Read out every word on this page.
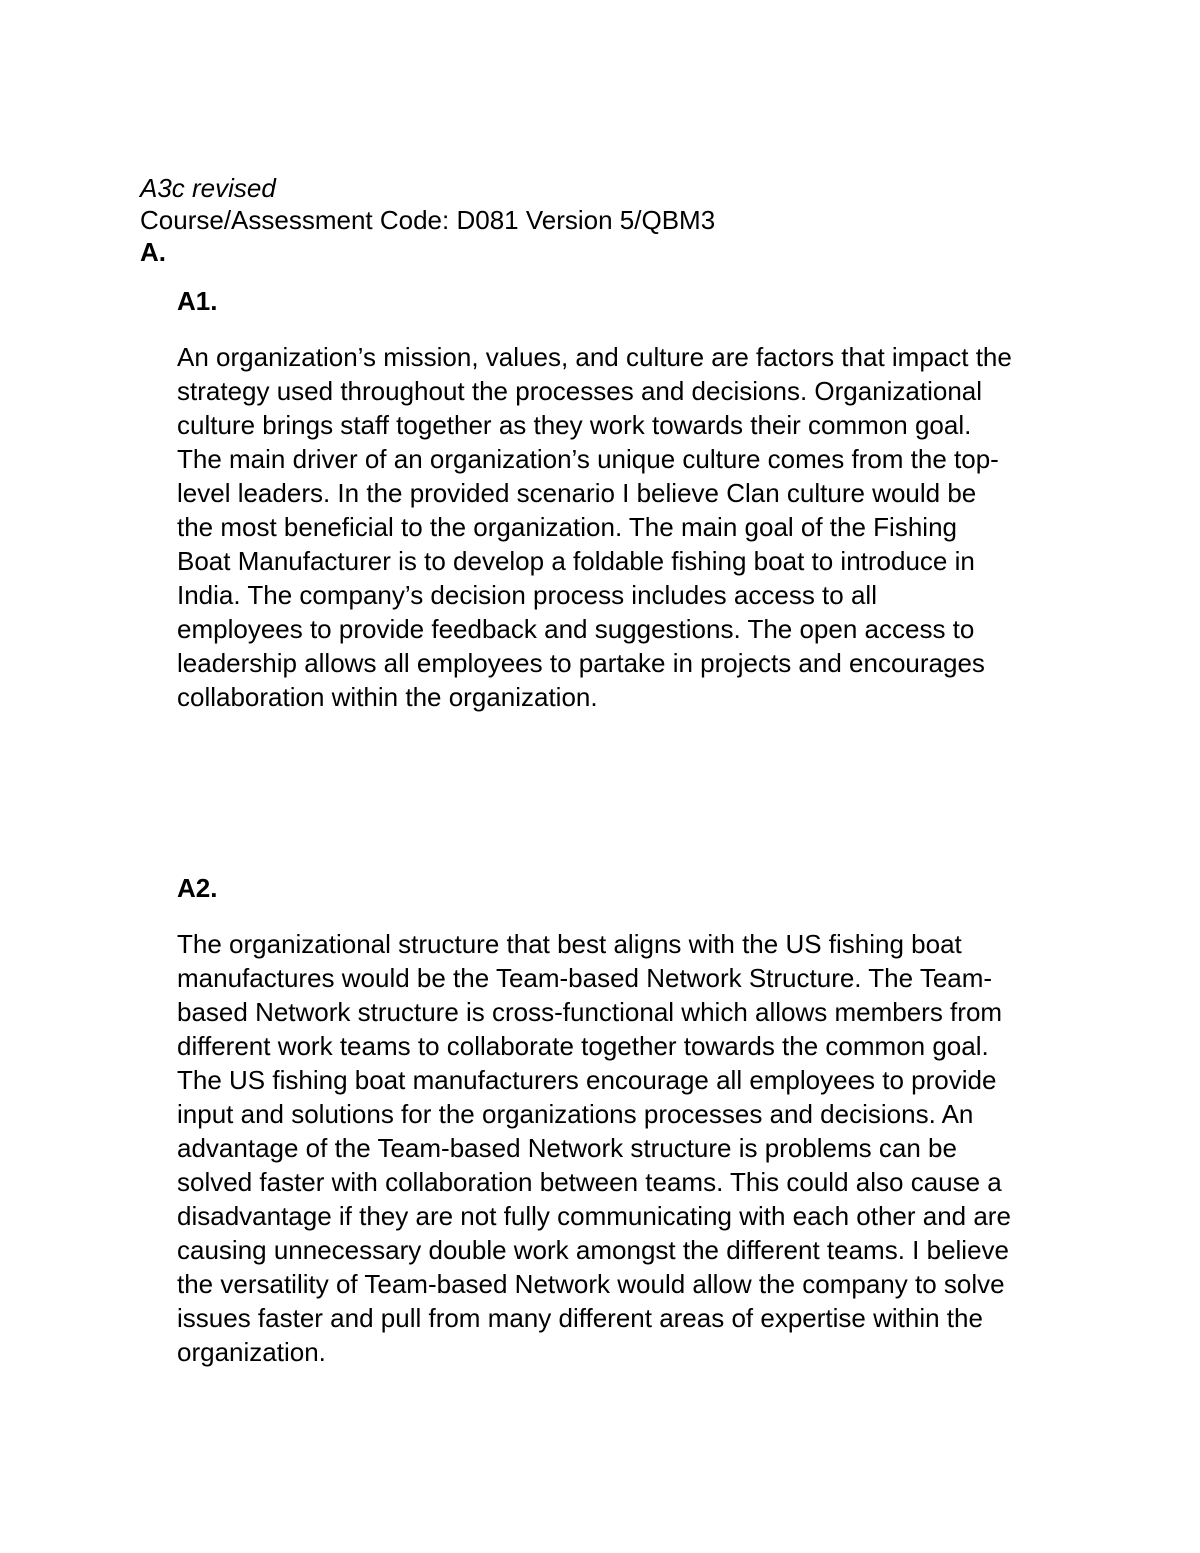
A3c revised
Course/Assessment Code: D081 Version 5/QBM3
A.
A1.
An organization’s mission, values, and culture are factors that impact the
strategy used throughout the processes and decisions. Organizational
culture brings staff together as they work towards their common goal.
The main driver of an organization’s unique culture comes from the top-
level leaders. In the provided scenario I believe Clan culture would be
the most beneficial to the organization. The main goal of the Fishing
Boat Manufacturer is to develop a foldable fishing boat to introduce in
India. The company’s decision process includes access to all
employees to provide feedback and suggestions. The open access to
leadership allows all employees to partake in projects and encourages
collaboration within the organization.
A2.
The organizational structure that best aligns with the US fishing boat
manufactures would be the Team-based Network Structure. The Team-
based Network structure is cross-functional which allows members from
different work teams to collaborate together towards the common goal.
The US fishing boat manufacturers encourage all employees to provide
input and solutions for the organizations processes and decisions. An
advantage of the Team-based Network structure is problems can be
solved faster with collaboration between teams. This could also cause a
disadvantage if they are not fully communicating with each other and are
causing unnecessary double work amongst the different teams. I believe
the versatility of Team-based Network would allow the company to solve
issues faster and pull from many different areas of expertise within the
organization.
